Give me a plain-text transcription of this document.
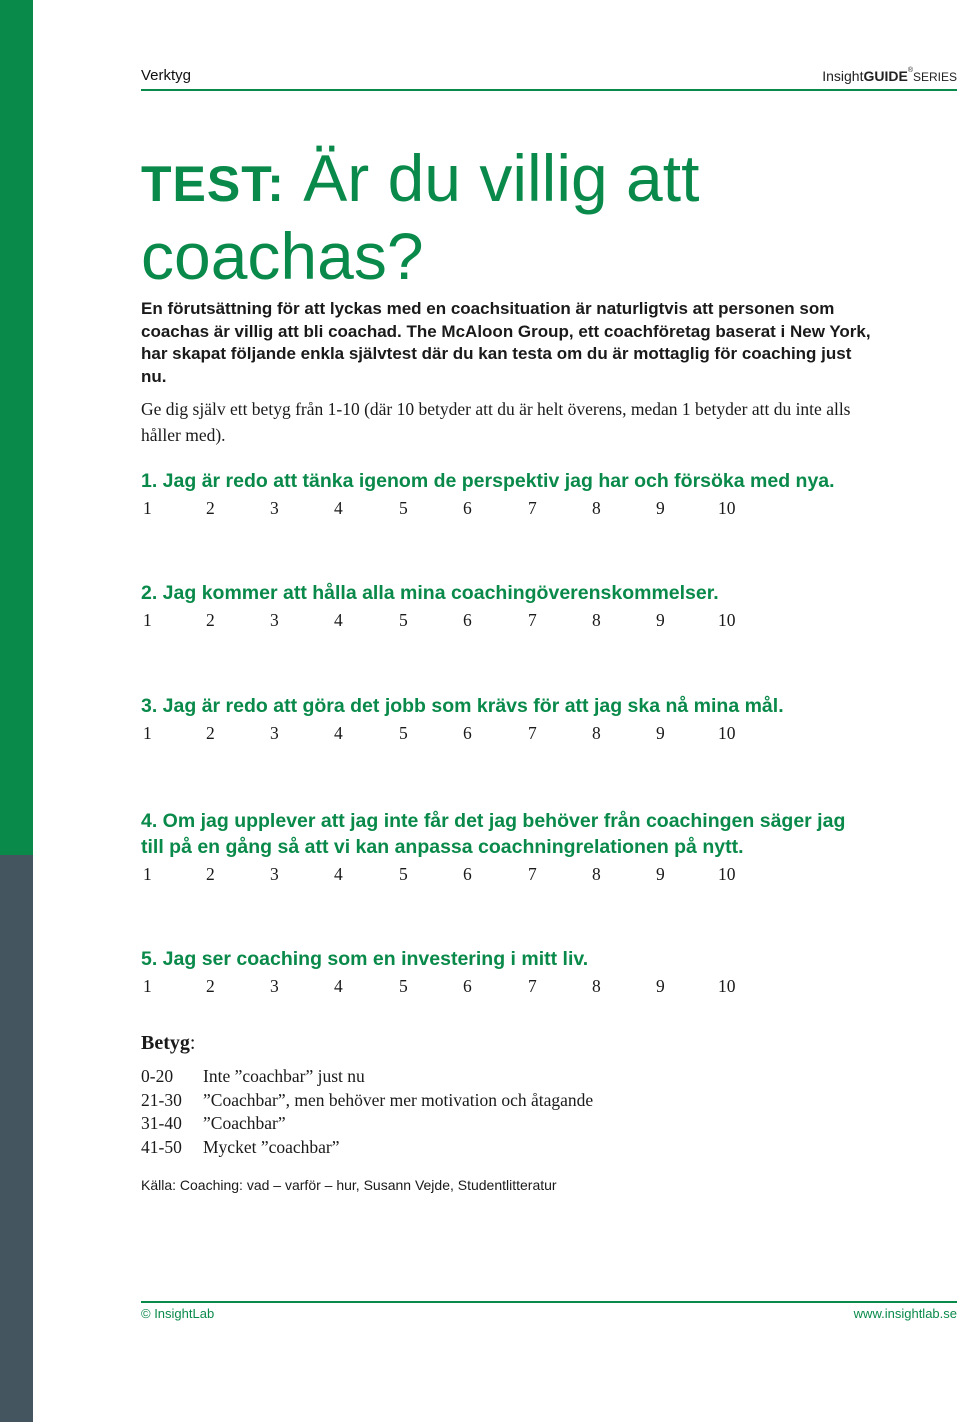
Verktyg	InsightGUIDE®SERIES
TEST: Är du villig att coachas?

En förutsättning för att lyckas med en coachsituation är naturligtvis att personen som coachas är villig att bli coachad. The McAloon Group, ett coachföretag baserat i New York, har skapat följande enkla självtest där du kan testa om du är mottaglig för coaching just nu.

Ge dig själv ett betyg från 1-10 (där 10 betyder att du är helt överens, medan 1 betyder att du inte alls håller med).

1. Jag är redo att tänka igenom de perspektiv jag har och försöka med nya.

1	2	3	4	5	6	7	8	9	10

2. Jag kommer att hålla alla mina coachingöverenskommelser.

1	2	3	4	5	6	7	8	9	10

3. Jag är redo att göra det jobb som krävs för att jag ska nå mina mål.

1	2	3	4	5	6	7	8	9	10

4. Om jag upplever att jag inte får det jag behöver från coachingen säger jag till på en gång så att vi kan anpassa coachningrelationen på nytt.

1	2	3	4	5	6	7	8	9	10

5. Jag ser coaching som en investering i mitt liv.

1	2	3	4	5	6	7	8	9	10
Betyg:
0-20 Inte ”coachbar” just nu
21-30 ”Coachbar”, men behöver mer motivation och åtagande
31-40 ”Coachbar”
41-50 Mycket ”coachbar”
Källa: Coaching: vad – varför – hur, Susann Vejde, Studentlitteratur
© InsightLab	www.insightlab.se
